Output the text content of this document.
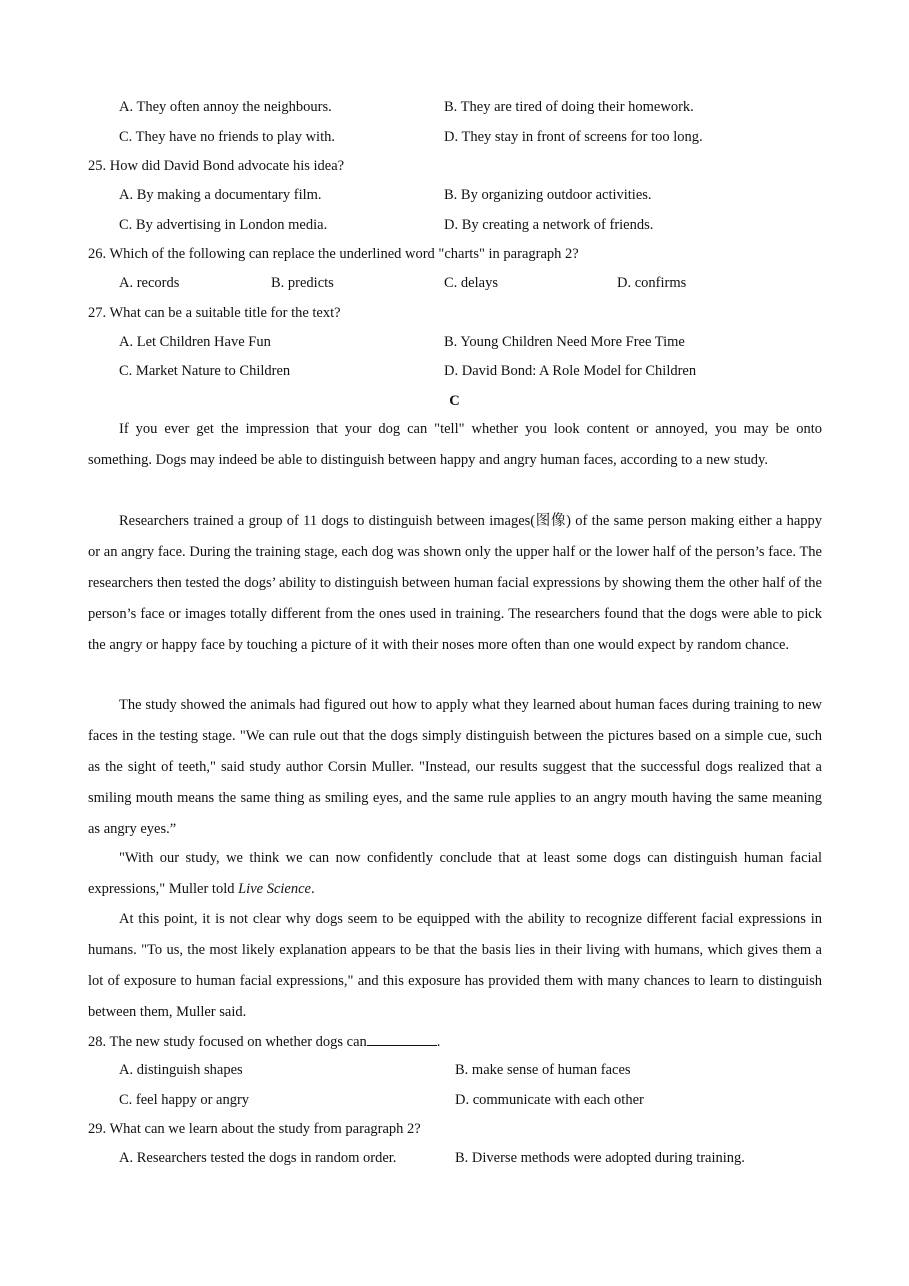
A. They often annoy the neighbours.	B. They are tired of doing their homework.
C. They have no friends to play with.	D. They stay in front of screens for too long.
25. How did David Bond advocate his idea?
A. By making a documentary film.	B. By organizing outdoor activities.
C. By advertising in London media.	D. By creating a network of friends.
26. Which of the following can replace the underlined word "charts" in paragraph 2?
A. records	B. predicts	C. delays	D. confirms
27. What can be a suitable title for the text?
A. Let Children Have Fun	B. Young Children Need More Free Time
C. Market Nature to Children	D. David Bond: A Role Model for Children
C

If you ever get the impression that your dog can "tell" whether you look content or annoyed, you may be onto something. Dogs may indeed be able to distinguish between happy and angry human faces, according to a new study.

Researchers trained a group of 11 dogs to distinguish between images(图像) of the same person making either a happy or an angry face. During the training stage, each dog was shown only the upper half or the lower half of the person’s face. The researchers then tested the dogs’ ability to distinguish between human facial expressions by showing them the other half of the person’s face or images totally different from the ones used in training. The researchers found that the dogs were able to pick the angry or happy face by touching a picture of it with their noses more often than one would expect by random chance.

The study showed the animals had figured out how to apply what they learned about human faces during training to new faces in the testing stage. "We can rule out that the dogs simply distinguish between the pictures based on a simple cue, such as the sight of teeth," said study author Corsin Muller. "Instead, our results suggest that the successful dogs realized that a smiling mouth means the same thing as smiling eyes, and the same rule applies to an angry mouth having the same meaning as angry eyes.”

"With our study, we think we can now confidently conclude that at least some dogs can distinguish human facial expressions," Muller told Live Science.

At this point, it is not clear why dogs seem to be equipped with the ability to recognize different facial expressions in humans. "To us, the most likely explanation appears to be that the basis lies in their living with humans, which gives them a lot of exposure to human facial expressions," and this exposure has provided them with many chances to learn to distinguish between them, Muller said.

28. The new study focused on whether dogs can	.
A. distinguish shapes	B. make sense of human faces
C. feel happy or angry	D. communicate with each other
29. What can we learn about the study from paragraph 2?
A. Researchers tested the dogs in random order.	B. Diverse methods were adopted during training.
